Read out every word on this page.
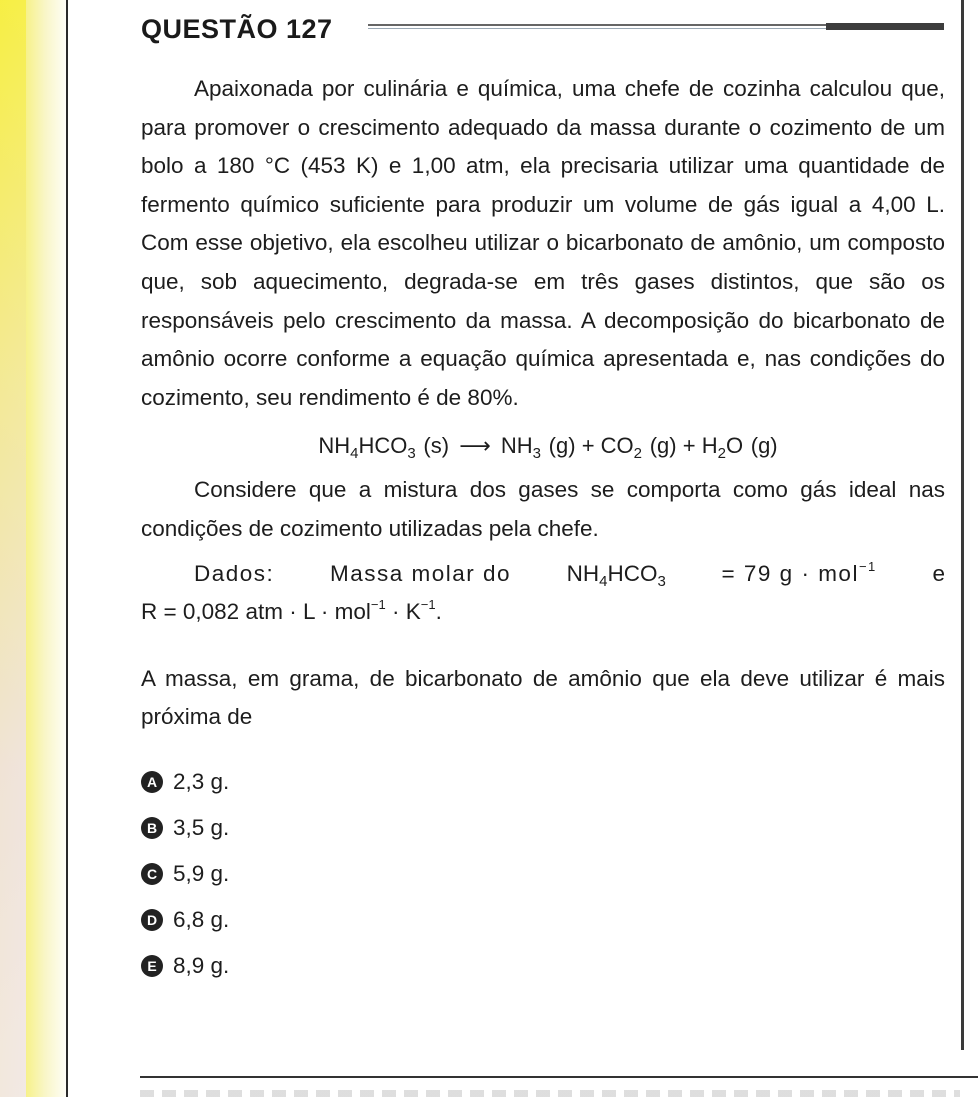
QUESTÃO 127

Apaixonada por culinária e química, uma chefe de cozinha calculou que, para promover o crescimento adequado da massa durante o cozimento de um bolo a 180 °C (453 K) e 1,00 atm, ela precisaria utilizar uma quantidade de fermento químico suficiente para produzir um volume de gás igual a 4,00 L. Com esse objetivo, ela escolheu utilizar o bicarbonato de amônio, um composto que, sob aquecimento, degrada-se em três gases distintos, que são os responsáveis pelo crescimento da massa. A decomposição do bicarbonato de amônio ocorre conforme a equação química apresentada e, nas condições do cozimento, seu rendimento é de 80%.

$NH_4HCO_3$ (s) ⟶ $NH_3$ $(g) + CO_2$ $(g) + H_2O$ (g)

Considere que a mistura dos gases se comporta como gás ideal nas condições de cozimento utilizadas pela chefe.

Dados: Massa molar do $NH_4HCO_3 = 79$ g · mol$^{-1}$ e
R = 0,082 atm · $L \cdot mol^{-1} \cdot K^{-1}$.

A massa, em grama, de bicarbonato de amônio que ela deve utilizar é mais próxima de

A 2,3 g.
B 3,5 g.
C 5,9 g.
D 6,8 g.
E 8,9 g.
